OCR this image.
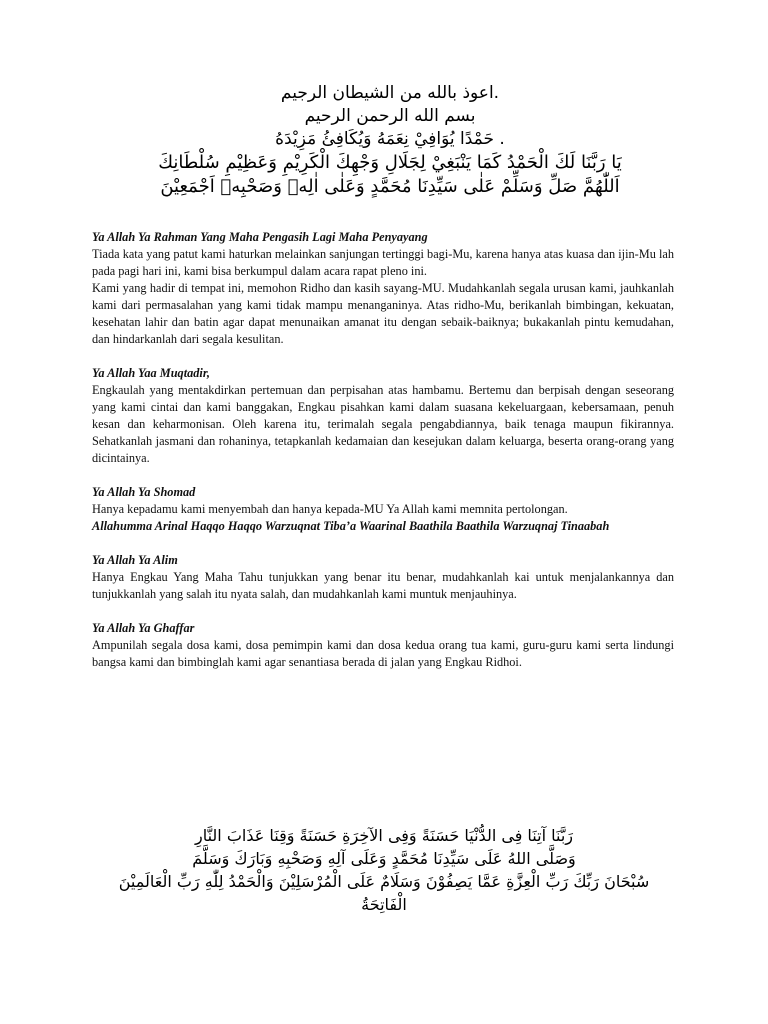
.اعوذ بالله من الشيطان الرجيم
بسم الله الرحمن الرحيم
. حَمْدًا يُوَافِيْ نِعَمَهُ وَيُكَافِئُ مَزِيْدَهُ
يَا رَبَّنَا لَكَ الْحَمْدُ كَمَا يَنْبَغِيْ لِجَلَالِ وَجْهِكَ الْكَرِيْمِ وَعَظِيْمِ سُلْطَانِكَ
اَللّٰهُمَّ صَلِّ وَسَلِّمْ عَلٰى سَيِّدِنَا مُحَمَّدٍ وَعَلٰى اٰلِهٖ وَصَحْبِهٖ اَجْمَعِيْنَ
Ya Allah Ya Rahman Yang Maha Pengasih Lagi Maha Penyayang
Tiada kata yang patut kami haturkan melainkan sanjungan tertinggi bagi-Mu, karena hanya atas kuasa dan ijin-Mu lah pada pagi hari ini, kami bisa berkumpul dalam acara rapat pleno ini.
Kami yang hadir di tempat ini, memohon Ridho dan kasih sayang-MU. Mudahkanlah segala urusan kami, jauhkanlah kami dari permasalahan yang kami tidak mampu menanganinya. Atas ridho-Mu, berikanlah bimbingan, kekuatan, kesehatan lahir dan batin agar dapat menunaikan amanat itu dengan sebaik-baiknya; bukakanlah pintu kemudahan, dan hindarkanlah dari segala kesulitan.
Ya Allah Yaa Muqtadir,
Engkaulah yang mentakdirkan pertemuan dan perpisahan atas hambamu. Bertemu dan berpisah dengan seseorang yang kami cintai dan kami banggakan, Engkau pisahkan kami dalam suasana kekeluargaan, kebersamaan, penuh kesan dan keharmonisan. Oleh karena itu, terimalah segala pengabdiannya, baik tenaga maupun fikirannya. Sehatkanlah jasmani dan rohaninya, tetapkanlah kedamaian dan kesejukan dalam keluarga, beserta orang-orang yang dicintainya.
Ya Allah Ya Shomad
Hanya kepadamu kami menyembah dan hanya kepada-MU Ya Allah kami memnita pertolongan.
Allahumma Arinal Haqqo Haqqo Warzuqnat Tiba’a Waarinal Baathila Baathila Warzuqnaj Tinaabah
Ya Allah Ya Alim
Hanya Engkau Yang Maha Tahu tunjukkan yang benar itu benar, mudahkanlah kai untuk menjalankannya dan tunjukkanlah yang salah itu nyata salah, dan mudahkanlah kami muntuk menjauhinya.
Ya Allah Ya Ghaffar
Ampunilah segala dosa kami, dosa pemimpin kami dan dosa kedua orang tua kami, guru-guru kami serta lindungi bangsa kami dan bimbinglah kami agar senantiasa berada di jalan yang Engkau Ridhoi.
رَبَّنَا آتِنَا فِى الدُّنْيَا حَسَنَةً وَفِى الآخِرَةِ حَسَنَةً وَقِنَا عَذَابَ النَّارِ
وَصَلَّى اللهُ عَلَى سَيِّدِنَا مُحَمَّدٍ وَعَلَى آلِهِ وَصَحْبِهِ وَبَارَكَ وَسَلَّمَ
سُبْحَانَ رَبِّكَ رَبِّ الْعِزَّةِ عَمَّا يَصِفُوْنَ وَسَلَامٌ عَلَى الْمُرْسَلِيْنَ وَالْحَمْدُ لِلّٰهِ رَبِّ الْعَالَمِيْنَ
الْفَاتِحَةُ
